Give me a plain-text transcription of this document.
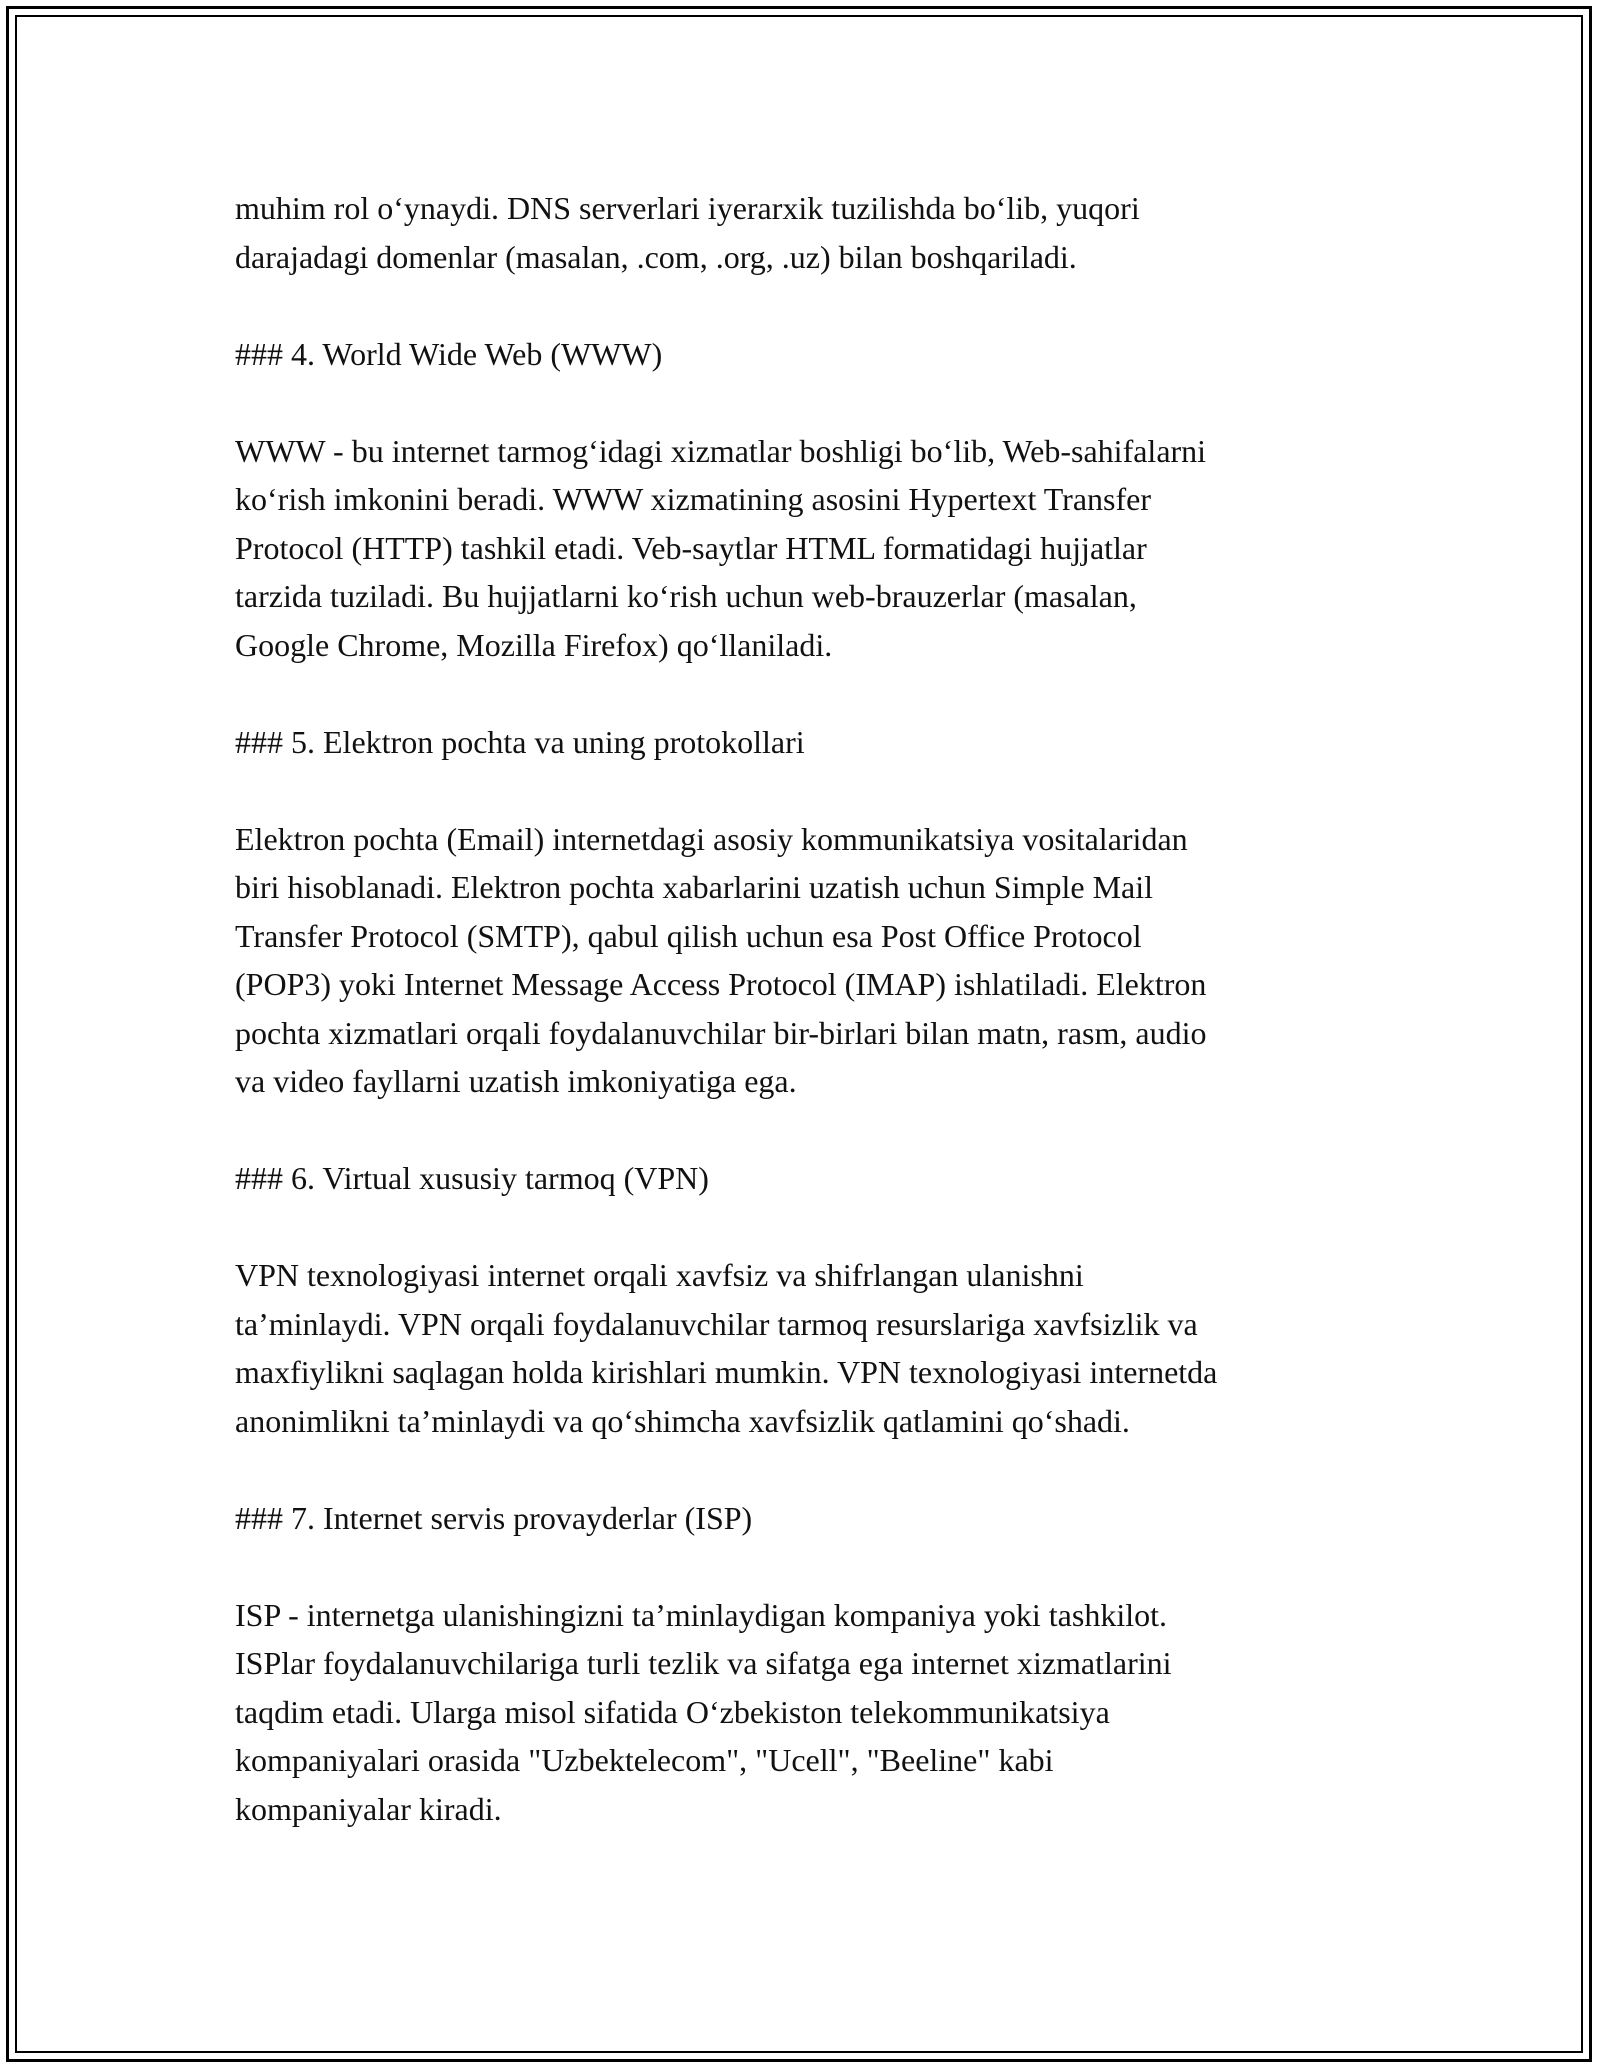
muhim rol o‘ynaydi. DNS serverlari iyerarxik tuzilishda bo‘lib, yuqori
darajadagi domenlar (masalan, .com, .org, .uz) bilan boshqariladi.

### 4. World Wide Web (WWW)

WWW - bu internet tarmog‘idagi xizmatlar boshligi bo‘lib, Web-sahifalarni
ko‘rish imkonini beradi. WWW xizmatining asosini Hypertext Transfer
Protocol (HTTP) tashkil etadi. Veb-saytlar HTML formatidagi hujjatlar
tarzida tuziladi. Bu hujjatlarni ko‘rish uchun web-brauzerlar (masalan,
Google Chrome, Mozilla Firefox) qo‘llaniladi.

### 5. Elektron pochta va uning protokollari

Elektron pochta (Email) internetdagi asosiy kommunikatsiya vositalaridan
biri hisoblanadi. Elektron pochta xabarlarini uzatish uchun Simple Mail
Transfer Protocol (SMTP), qabul qilish uchun esa Post Office Protocol
(POP3) yoki Internet Message Access Protocol (IMAP) ishlatiladi. Elektron
pochta xizmatlari orqali foydalanuvchilar bir-birlari bilan matn, rasm, audio
va video fayllarni uzatish imkoniyatiga ega.

### 6. Virtual xususiy tarmoq (VPN)

VPN texnologiyasi internet orqali xavfsiz va shifrlangan ulanishni
ta’minlaydi. VPN orqali foydalanuvchilar tarmoq resurslariga xavfsizlik va
maxfiylikni saqlagan holda kirishlari mumkin. VPN texnologiyasi internetda
anonimlikni ta’minlaydi va qo‘shimcha xavfsizlik qatlamini qo‘shadi.

### 7. Internet servis provayderlar (ISP)

ISP - internetga ulanishingizni ta’minlaydigan kompaniya yoki tashkilot.
ISPlar foydalanuvchilariga turli tezlik va sifatga ega internet xizmatlarini
taqdim etadi. Ularga misol sifatida O‘zbekiston telekommunikatsiya
kompaniyalari orasida "Uzbektelecom", "Ucell", "Beeline" kabi
kompaniyalar kiradi.
